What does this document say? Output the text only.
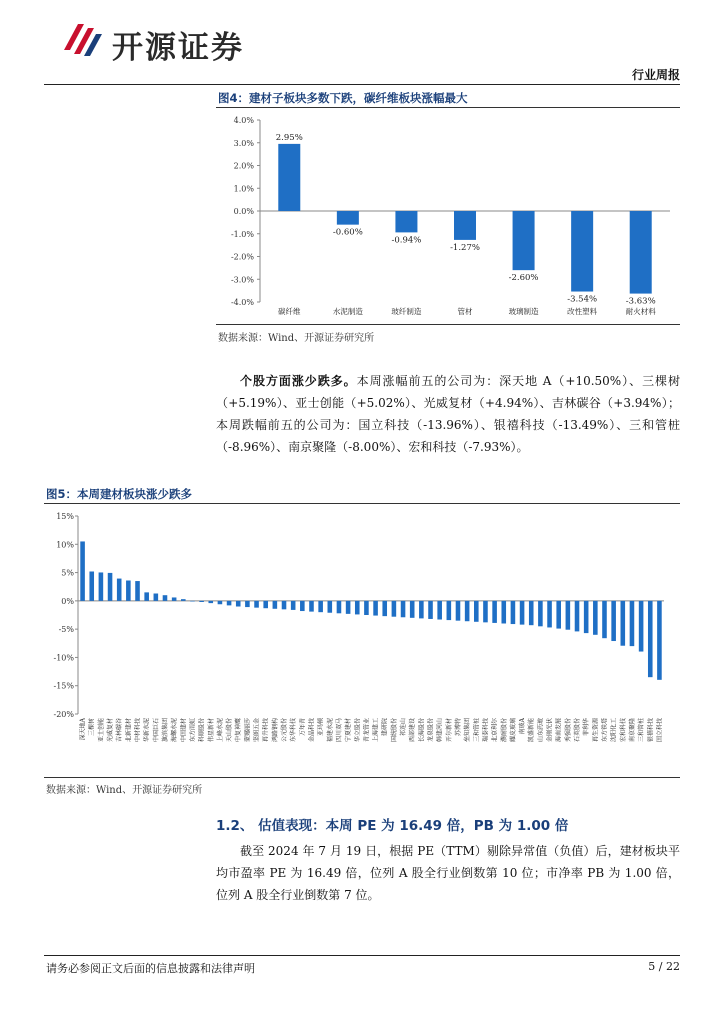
开源证券
行业周报
图4：建材子板块多数下跌，碳纤维板块涨幅最大
4.0%
3.0%
2.0%
1.0%
0.0%
-1.0%
-2.0%
-3.0%
-4.0%
2.95%
碳纤维
-0.60%
水泥制造
-0.94%
玻纤制造
-1.27%
管材
-2.60%
玻璃制造
-3.54%
改性塑料
-3.63%
耐火材料
数据来源：Wind、开源证券研究所
个股方面涨少跌多。本周涨幅前五的公司为：深天地 A（+10.50%）、三棵树（+5.19%）、亚士创能（+5.02%）、光威复材（+4.94%）、吉林碳谷（+3.94%）；本周跌幅前五的公司为：国立科技（-13.96%）、银禧科技（-13.49%）、三和管桩（-8.96%）、南京聚隆（-8.00%）、宏和科技（-7.93%）。
图5：本周建材板块涨少跌多
15%
10%
5%
0%
-5%
-10%
-15%
-20%
深天地A 三棵树 亚士创能 光威复材 吉林碳谷 北新建材 中材科技 华新水泥 中国巨石 旗滨集团 海螺水泥 中国建材 东方雨虹 科顺股份 伟星新材 上峰水泥 天山股份 中复神鹰 蒙娜丽莎 坚朗五金 再升科技 鸿路钢构 公元股份 东华科技 万年青 金晶科技 亚玛顿 福建水泥 四川双马 宁夏建材 华立股份 青龙管业 上海建工 建研院 国统股份 祁连山 西部建设 长海股份 龙泉股份 韩建河山 开尔新材 苏博特 垒知集团 三和管桩 瑞泰科技 北京利尔 濮耐股份 耀皮玻璃 南玻A 凯盛新能 山东药玻 金刚光伏 海南发展 秀强股份 石英股份 菲利华 再生资源 东方铁塔 沈阳化工 宏和科技 南京聚隆 三和管桩 银禧科技 国立科技
数据来源：Wind、开源证券研究所
1.2、 估值表现：本周 PE 为 16.49 倍，PB 为 1.00 倍
截至 2024 年 7 月 19 日，根据 PE（TTM）剔除异常值（负值）后，建材板块平均市盈率 PE 为 16.49 倍，位列 A 股全行业倒数第 10 位；市净率 PB 为 1.00 倍，位列 A 股全行业倒数第 7 位。
请务必参阅正文后面的信息披露和法律声明	5 / 22
